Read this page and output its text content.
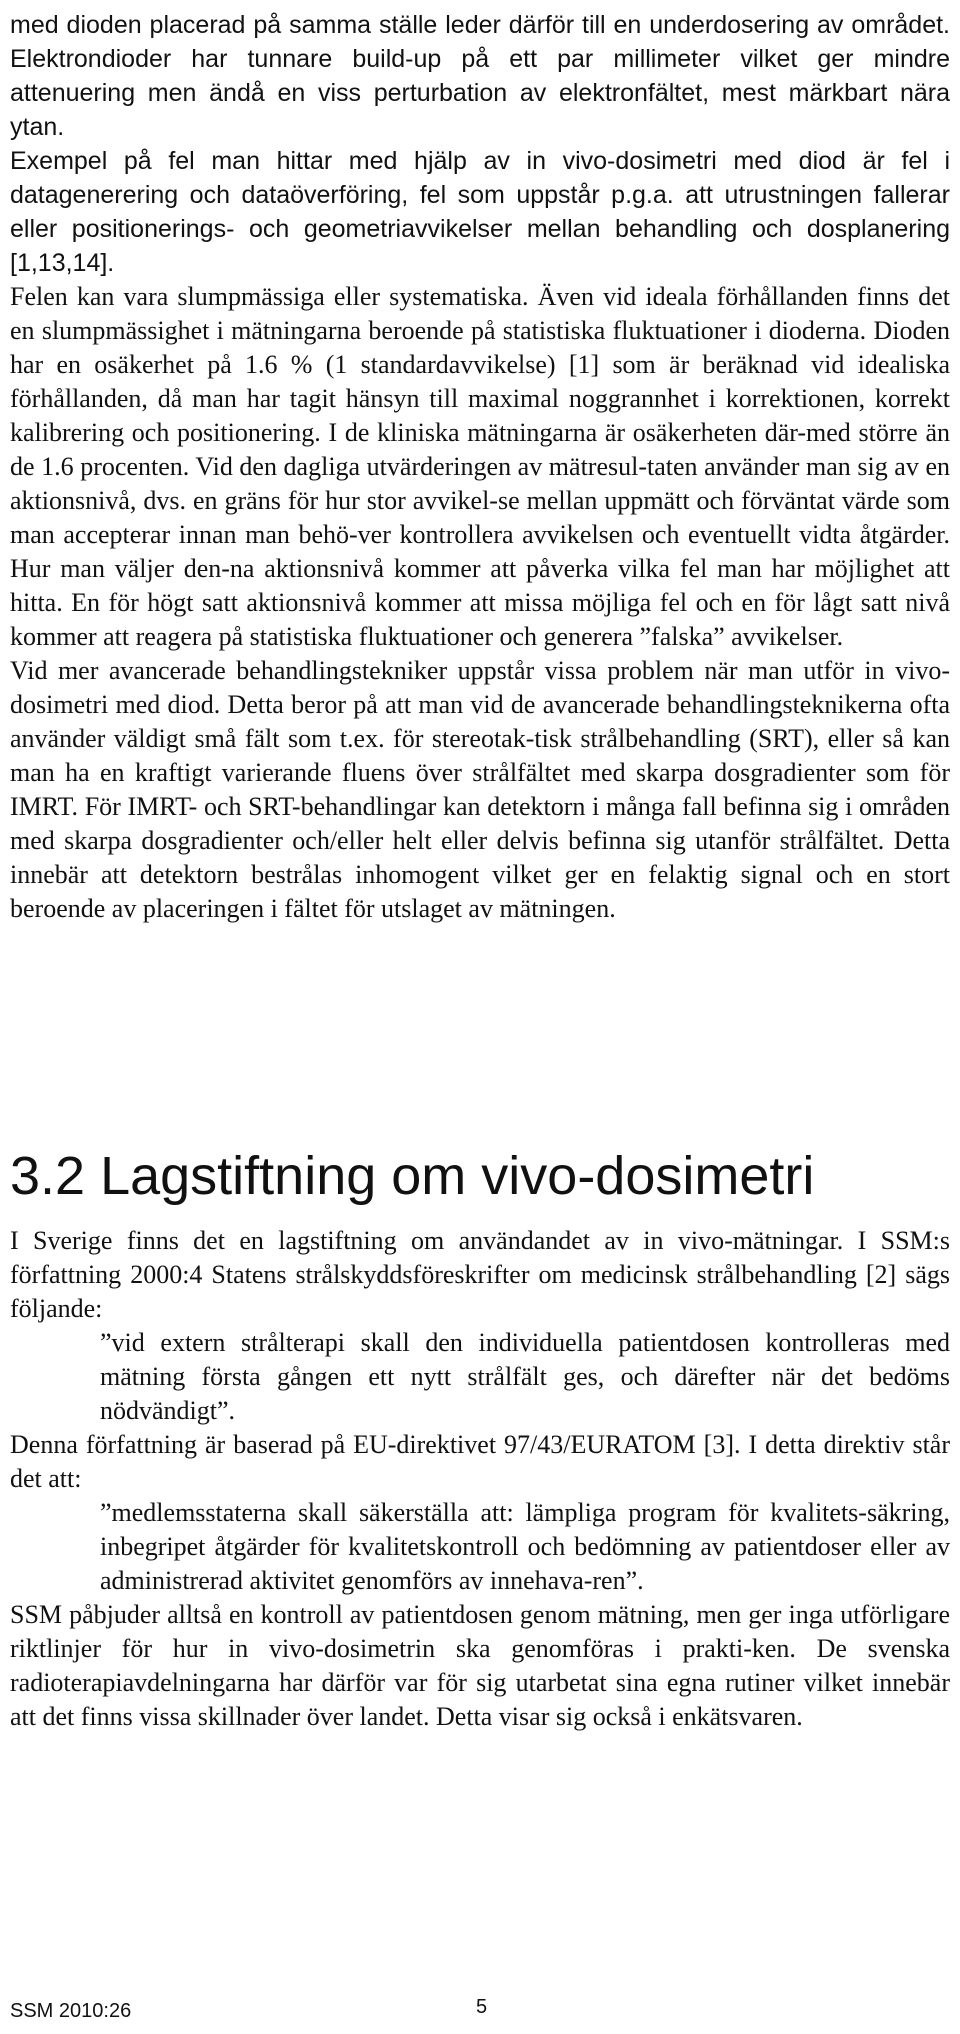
med dioden placerad på samma ställe leder därför till en underdosering av området. Elektrondioder har tunnare build-up på ett par millimeter vilket ger mindre attenuering men ändå en viss perturbation av elektronfältet, mest märkbart nära ytan.

Exempel på fel man hittar med hjälp av in vivo-dosimetri med diod är fel i datagenerering och dataöverföring, fel som uppstår p.g.a. att utrustningen fallerar eller positionerings- och geometriavvikelser mellan behandling och dosplanering [1,13,14].

Felen kan vara slumpmässiga eller systematiska. Även vid ideala förhållanden finns det en slumpmässighet i mätningarna beroende på statistiska fluktuationer i dioderna. Dioden har en osäkerhet på 1.6 % (1 standardavvikelse) [1] som är beräknad vid idealiska förhållanden, då man har tagit hänsyn till maximal noggrannhet i korrektionen, korrekt kalibrering och positionering. I de kliniska mätningarna är osäkerheten där-med större än de 1.6 procenten. Vid den dagliga utvärderingen av mätresul-taten använder man sig av en aktionsnivå, dvs. en gräns för hur stor avvikel-se mellan uppmätt och förväntat värde som man accepterar innan man behö-ver kontrollera avvikelsen och eventuellt vidta åtgärder. Hur man väljer den-na aktionsnivå kommer att påverka vilka fel man har möjlighet att hitta. En för högt satt aktionsnivå kommer att missa möjliga fel och en för lågt satt nivå kommer att reagera på statistiska fluktuationer och generera ”falska” avvikelser.

Vid mer avancerade behandlingstekniker uppstår vissa problem när man utför in vivo-dosimetri med diod. Detta beror på att man vid de avancerade behandlingsteknikerna ofta använder väldigt små fält som t.ex. för stereotak-tisk strålbehandling (SRT), eller så kan man ha en kraftigt varierande fluens över strålfältet med skarpa dosgradienter som för IMRT. För IMRT- och SRT-behandlingar kan detektorn i många fall befinna sig i områden med skarpa dosgradienter och/eller helt eller delvis befinna sig utanför strålfältet. Detta innebär att detektorn bestrålas inhomogent vilket ger en felaktig signal och en stort beroende av placeringen i fältet för utslaget av mätningen.

3.2 Lagstiftning om vivo-dosimetri

I Sverige finns det en lagstiftning om användandet av in vivo-mätningar. I SSM:s författning 2000:4 Statens strålskyddsföreskrifter om medicinsk strålbehandling [2] sägs följande:

”vid extern strålterapi skall den individuella patientdosen kontrolleras med mätning första gången ett nytt strålfält ges, och därefter när det bedöms nödvändigt”.

Denna författning är baserad på EU-direktivet 97/43/EURATOM [3]. I detta direktiv står det att:

”medlemsstaterna skall säkerställa att: lämpliga program för kvalitets-säkring, inbegripet åtgärder för kvalitetskontroll och bedömning av patientdoser eller av administrerad aktivitet genomförs av innehava-ren”.

SSM påbjuder alltså en kontroll av patientdosen genom mätning, men ger inga utförligare riktlinjer för hur in vivo-dosimetrin ska genomföras i prakti-ken. De svenska radioterapiavdelningarna har därför var för sig utarbetat sina egna rutiner vilket innebär att det finns vissa skillnader över landet. Detta visar sig också i enkätsvaren.

SSM 2010:26	5
